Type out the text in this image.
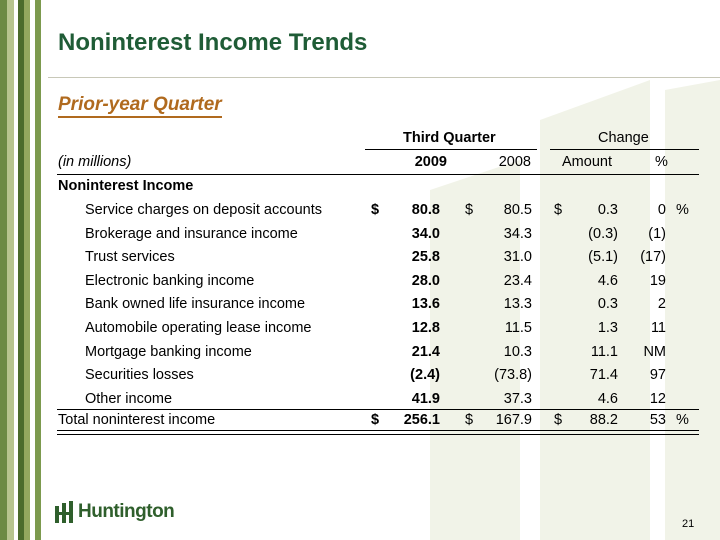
Noninterest Income Trends
Prior-year Quarter
Third Quarter	Change
(in millions)	2009	2008 Amount	%
Noninterest Income
Service charges on deposit accounts	$	80.8 $	80.5 $	0.3	0 %
Brokerage and insurance income	34.0	34.3	(0.3)	(1)
Trust services	25.8	31.0	(5.1) (17)
Electronic banking income	28.0	23.4	4.6	19
Bank owned life insurance income	13.6	13.3	0.3	2
Automobile operating lease income	12.8	11.5	1.3	11
Mortgage banking income	21.4	10.3	11.1	NM
Securities losses	(2.4)	(73.8)	71.4	97
Other income	41.9	37.3	4.6	12
Total noninterest income	$	256.1 $	167.9 $	88.2	53 %
Huntington
21
